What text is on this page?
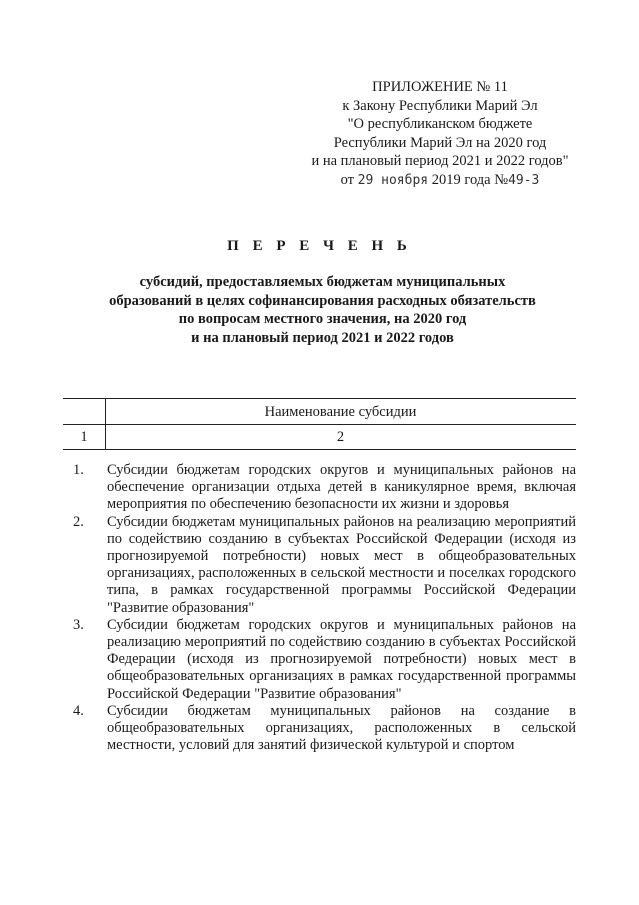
ПРИЛОЖЕНИЕ № 11
к Закону Республики Марий Эл
"О республиканском бюджете
Республики Марий Эл на 2020 год
и на плановый период 2021 и 2022 годов"
от 29 ноября 2019 года №49-З
П Е Р Е Ч Е Н Ь
субсидий, предоставляемых бюджетам муниципальных
образований в целях софинансирования расходных обязательств
по вопросам местного значения, на 2020 год
и на плановый период 2021 и 2022 годов
Наименование субсидии
1	2
1. Субсидии бюджетам городских округов и муниципальных районов на обеспечение организации отдыха детей в каникулярное время, включая мероприятия по обеспечению безопасности их жизни и здоровья
2. Субсидии бюджетам муниципальных районов на реализацию мероприятий по содействию созданию в субъектах Российской Федерации (исходя из прогнозируемой потребности) новых мест в общеобразовательных организациях, расположенных в сельской местности и поселках городского типа, в рамках государственной программы Российской Федерации "Развитие образования"
3. Субсидии бюджетам городских округов и муниципальных районов на реализацию мероприятий по содействию созданию в субъектах Российской Федерации (исходя из прогнозируемой потребности) новых мест в общеобразовательных организациях в рамках государственной программы Российской Федерации "Развитие образования"
4. Субсидии бюджетам муниципальных районов на создание в общеобразовательных организациях, расположенных в сельской местности, условий для занятий физической культурой и спортом
